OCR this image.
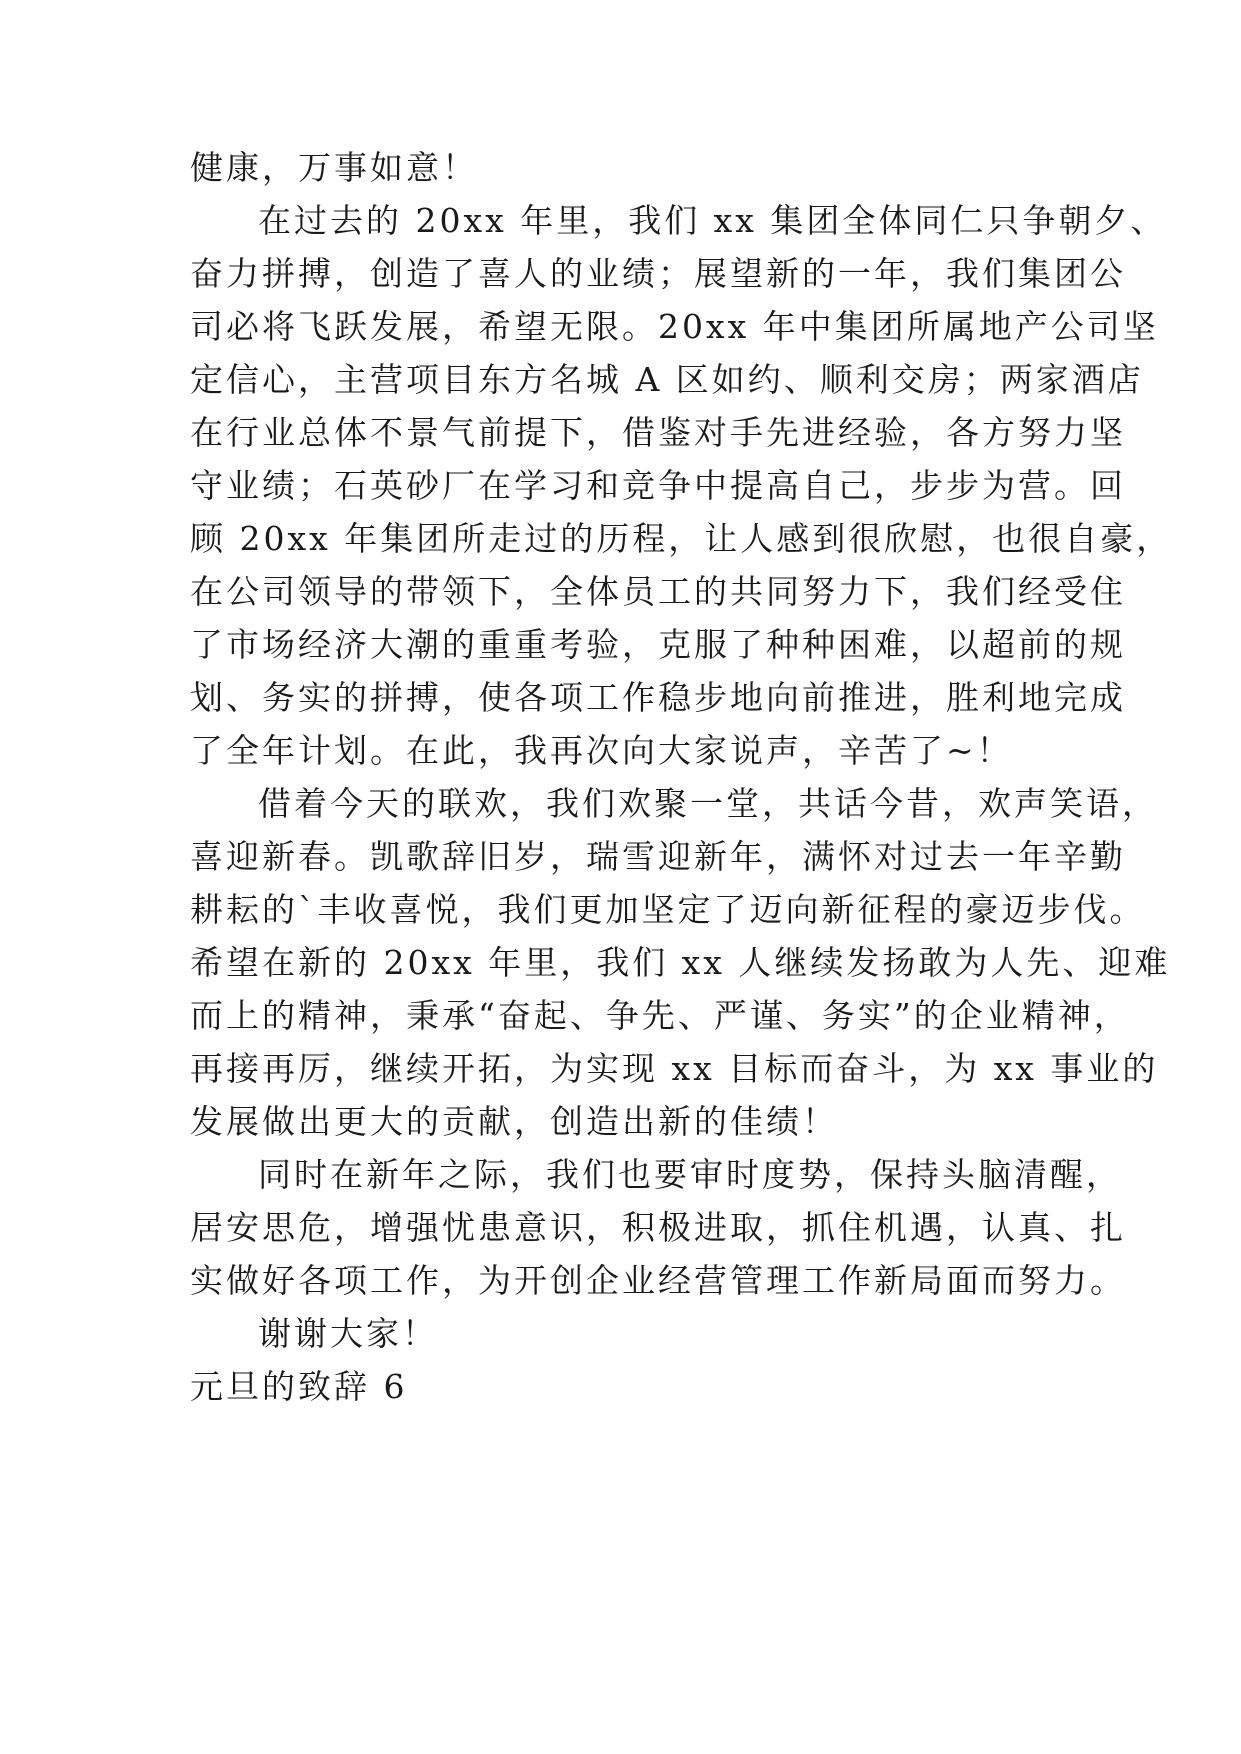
健康，万事如意！
在过去的 20xx 年里，我们 xx 集团全体同仁只争朝夕、
奋力拼搏，创造了喜人的业绩；展望新的一年，我们集团公
司必将飞跃发展，希望无限。20xx 年中集团所属地产公司坚
定信心，主营项目东方名城 A 区如约、顺利交房；两家酒店
在行业总体不景气前提下，借鉴对手先进经验，各方努力坚
守业绩；石英砂厂在学习和竞争中提高自己，步步为营。回
顾 20xx 年集团所走过的历程，让人感到很欣慰，也很自豪，
在公司领导的带领下，全体员工的共同努力下，我们经受住
了市场经济大潮的重重考验，克服了种种困难，以超前的规
划、务实的拼搏，使各项工作稳步地向前推进，胜利地完成
了全年计划。在此，我再次向大家说声，辛苦了~！
借着今天的联欢，我们欢聚一堂，共话今昔，欢声笑语，
喜迎新春。凯歌辞旧岁，瑞雪迎新年，满怀对过去一年辛勤
耕耘的`丰收喜悦，我们更加坚定了迈向新征程的豪迈步伐。
希望在新的 20xx 年里，我们 xx 人继续发扬敢为人先、迎难
而上的精神，秉承“奋起、争先、严谨、务实”的企业精神，
再接再厉，继续开拓，为实现 xx 目标而奋斗，为 xx 事业的
发展做出更大的贡献，创造出新的佳绩！
同时在新年之际，我们也要审时度势，保持头脑清醒，
居安思危，增强忧患意识，积极进取，抓住机遇，认真、扎
实做好各项工作，为开创企业经营管理工作新局面而努力。
谢谢大家！
元旦的致辞 6
